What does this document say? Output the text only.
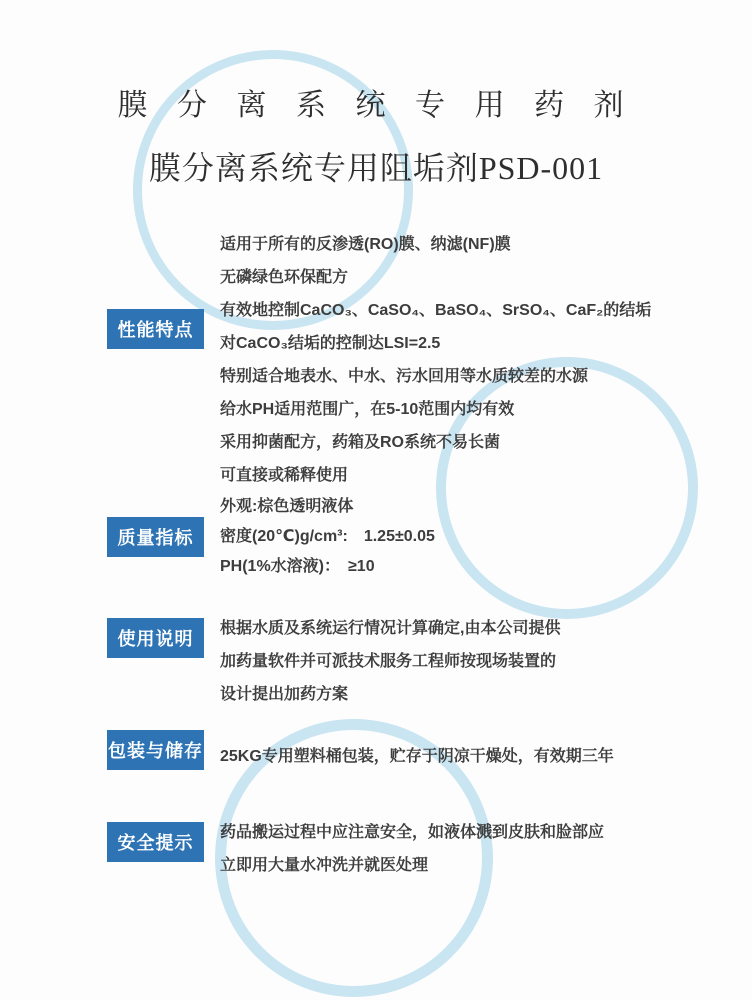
膜 分 离 系 统 专 用 药 剂
膜分离系统专用阻垢剂PSD-001
性能特点
适用于所有的反渗透(RO)膜、纳滤(NF)膜
无磷绿色环保配方
有效地控制CaCO₃、CaSO₄、BaSO₄、SrSO₄、CaF₂的结垢
对CaCO₃结垢的控制达LSI=2.5
特别适合地表水、中水、污水回用等水质较差的水源
给水PH适用范围广，在5-10范围内均有效
采用抑菌配方，药箱及RO系统不易长菌
可直接或稀释使用
质量指标
外观:棕色透明液体
密度(20℃)g/cm³:　1.25±0.05
PH(1%水溶液)：　≥10
使用说明
根据水质及系统运行情况计算确定,由本公司提供
加药量软件并可派技术服务工程师按现场装置的
设计提出加药方案
包装与储存 25KG专用塑料桶包装，贮存于阴凉干燥处，有效期三年
安全提示
药品搬运过程中应注意安全，如液体溅到皮肤和脸部应
立即用大量水冲洗并就医处理
